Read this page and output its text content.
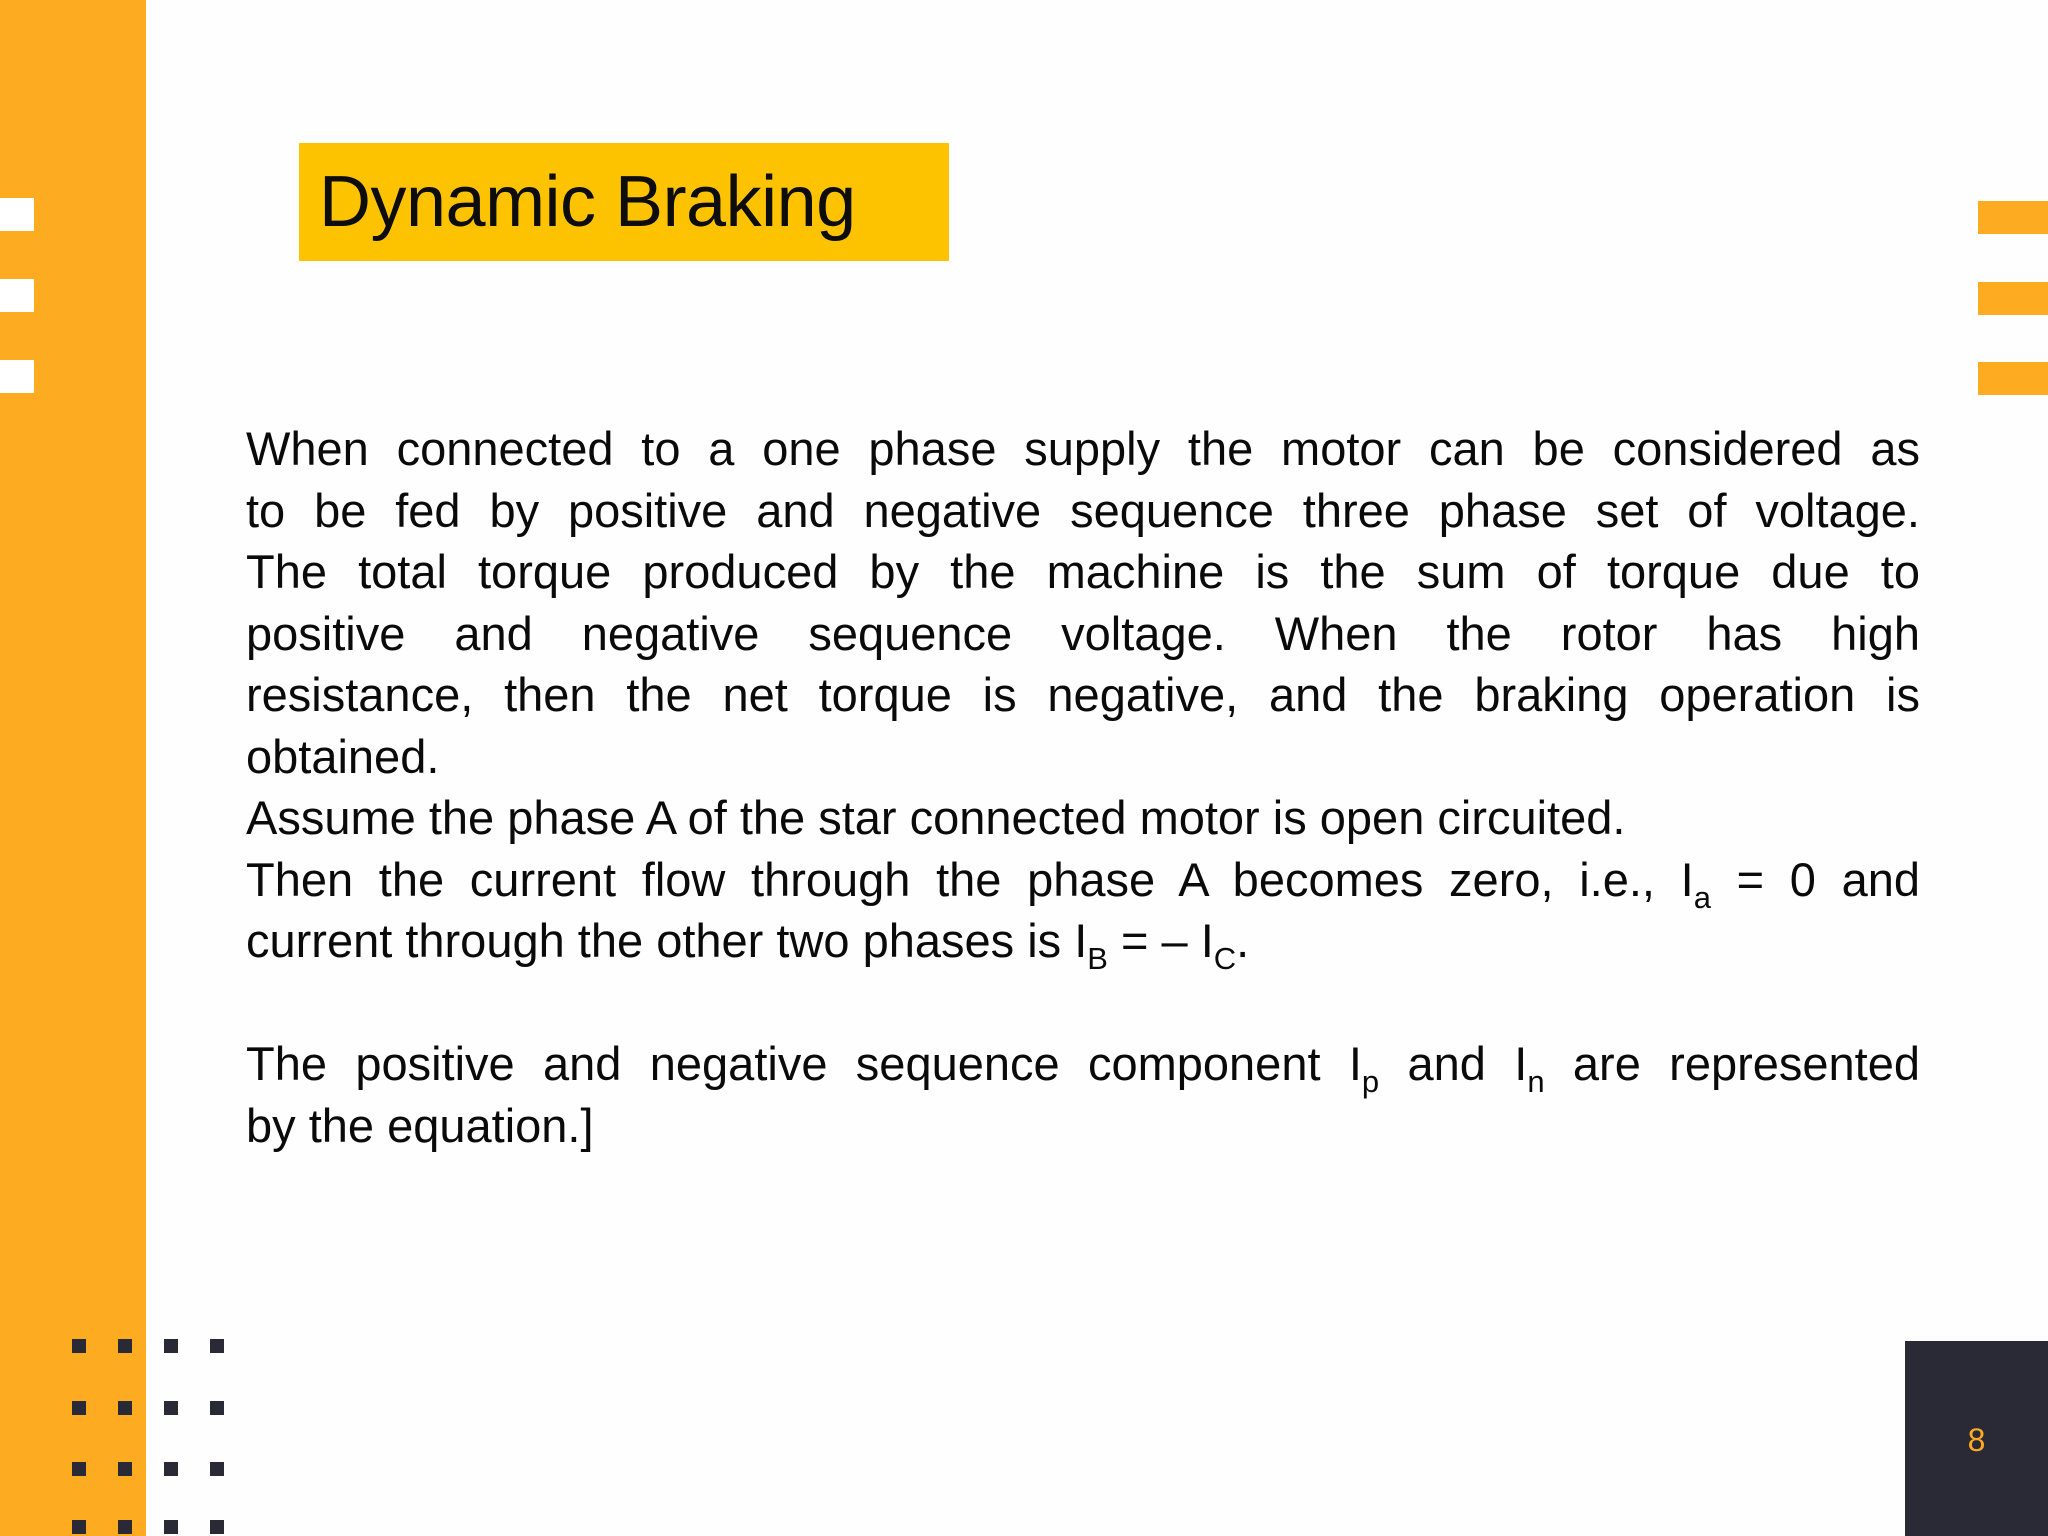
Dynamic Braking
When connected to a one phase supply the motor can be considered as
to be fed by positive and negative sequence three phase set of voltage.
The total torque produced by the machine is the sum of torque due to
positive and negative sequence voltage. When the rotor has high
resistance, then the net torque is negative, and the braking operation is
obtained.
Assume the phase A of the star connected motor is open circuited.
Then the current flow through the phase A becomes zero, i.e., $I_a = 0$ and
current through the other two phases is $I_B$ = – $I_C$.
The positive and negative sequence component $I_p$ and $I_n$ are represented
by the equation.]
8
